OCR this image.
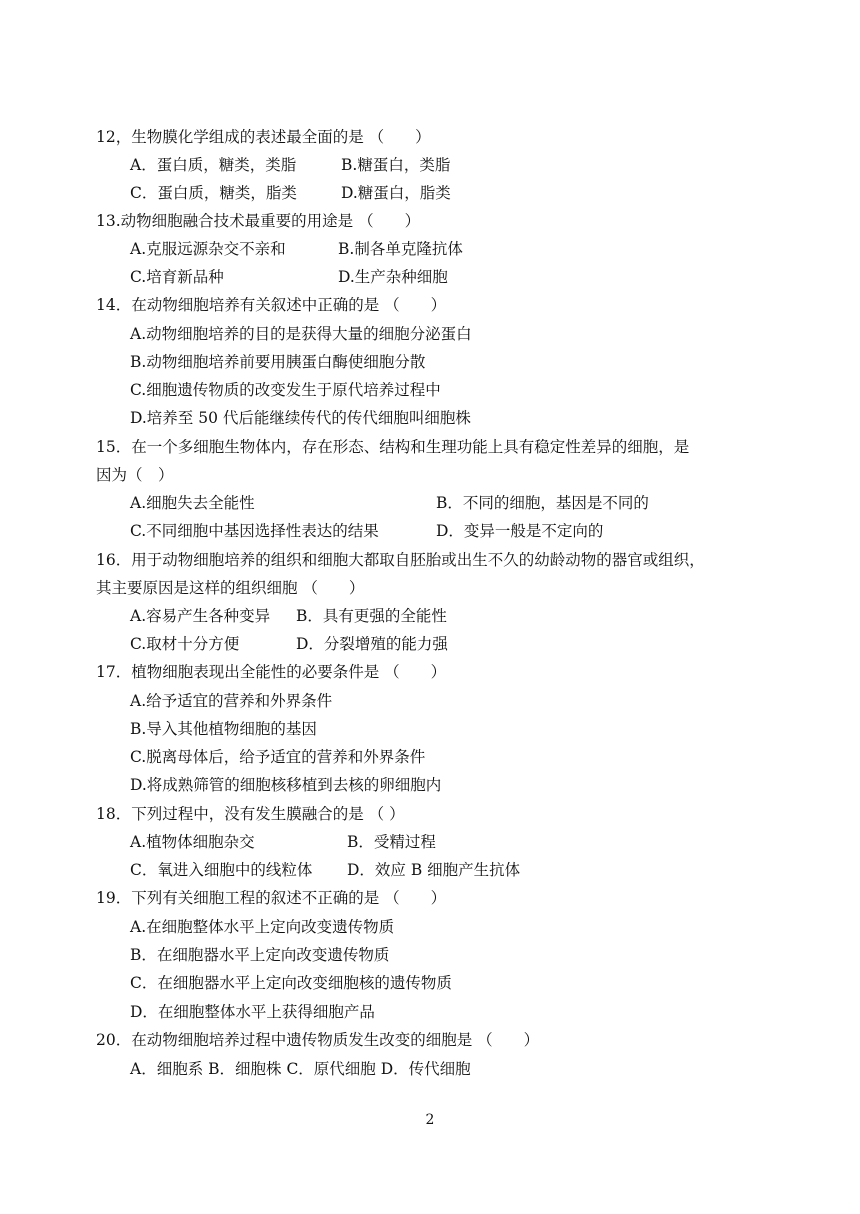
12，生物膜化学组成的表述最全面的是 （　　）
A．蛋白质，糖类，类脂	B.糖蛋白，类脂
C．蛋白质，糖类，脂类	D.糖蛋白，脂类
13.动物细胞融合技术最重要的用途是 （　　）
A.克服远源杂交不亲和	B.制各单克隆抗体
C.培育新品种	D.生产杂种细胞
14．在动物细胞培养有关叙述中正确的是 （　　）
A.动物细胞培养的目的是获得大量的细胞分泌蛋白
B.动物细胞培养前要用胰蛋白酶使细胞分散
C.细胞遗传物质的改变发生于原代培养过程中
D.培养至 50 代后能继续传代的传代细胞叫细胞株
15．在一个多细胞生物体内，存在形态、结构和生理功能上具有稳定性差异的细胞，是
因为（　）
A.细胞失去全能性	B．不同的细胞，基因是不同的
C.不同细胞中基因选择性表达的结果	D．变异一般是不定向的
16．用于动物细胞培养的组织和细胞大都取自胚胎或出生不久的幼龄动物的器官或组织，
其主要原因是这样的组织细胞 （　　）
A.容易产生各种变异 B．具有更强的全能性
C.取材十分方便	D．分裂增殖的能力强
17．植物细胞表现出全能性的必要条件是 （　　）
A.给予适宜的营养和外界条件
B.导入其他植物细胞的基因
C.脱离母体后，给予适宜的营养和外界条件
D.将成熟筛管的细胞核移植到去核的卵细胞内
18．下列过程中，没有发生膜融合的是 （ ）
A.植物体细胞杂交	B．受精过程
C．氧进入细胞中的线粒体 D．效应 B 细胞产生抗体
19．下列有关细胞工程的叙述不正确的是 （　　）
A.在细胞整体水平上定向改变遗传物质
B．在细胞器水平上定向改变遗传物质
C．在细胞器水平上定向改变细胞核的遗传物质
D．在细胞整体水平上获得细胞产品
20．在动物细胞培养过程中遗传物质发生改变的细胞是 （　　）
A．细胞系 B．细胞株 C．原代细胞 D．传代细胞
2
